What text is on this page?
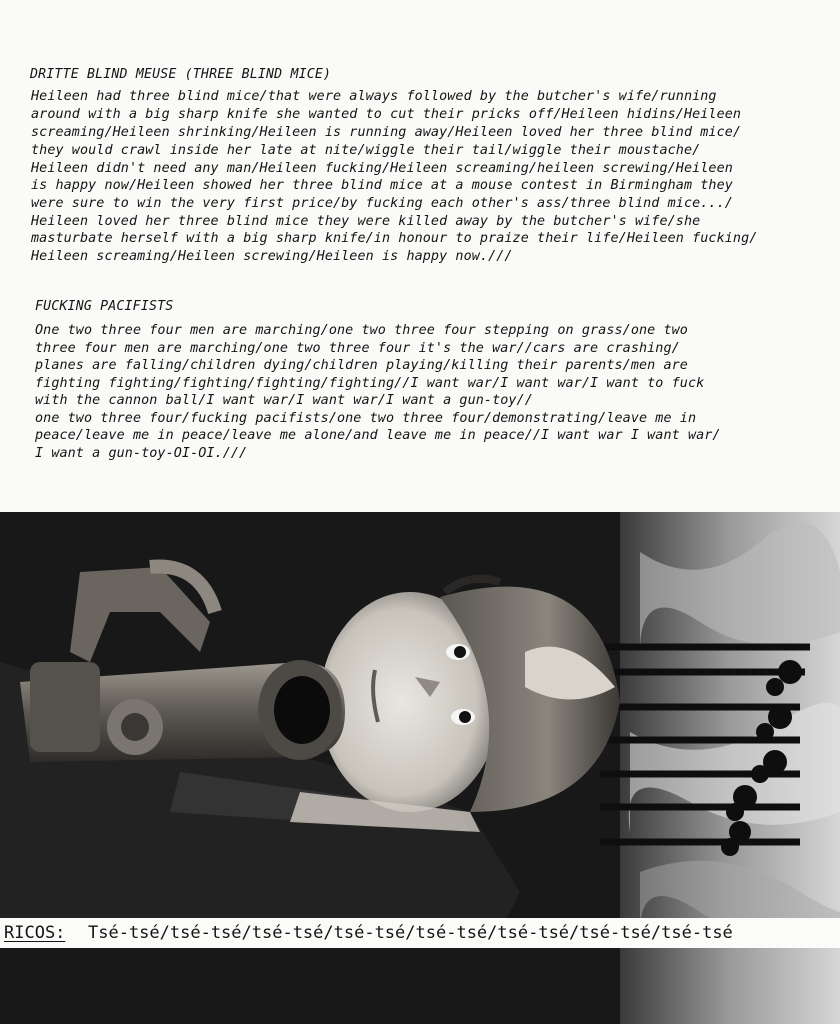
DRITTE BLIND MEUSE (THREE BLIND MICE)
Heileen had three blind mice/that were always followed by the butcher's wife/running
around with a big sharp knife she wanted to cut their pricks off/Heileen hidins/Heileen
screaming/Heileen shrinking/Heileen is running away/Heileen loved her three blind mice/
they would crawl inside her late at nite/wiggle their tail/wiggle their moustache/
Heileen didn't need any man/Heileen fucking/Heileen screaming/heileen screwing/Heileen
is happy now/Heileen showed her three blind mice at a mouse contest in Birmingham they
were sure to win the very first price/by fucking each other's ass/three blind mice.../
Heileen loved her three blind mice they were killed away by the butcher's wife/she
masturbate herself with a big sharp knife/in honour to praize their life/Heileen fucking/
Heileen screaming/Heileen screwing/Heileen is happy now.///
FUCKING PACIFISTS
One two three four men are marching/one two three four stepping on grass/one two
three four men are marching/one two three four it's the war//cars are crashing/
planes are falling/children dying/children playing/killing their parents/men are
fighting fighting/fighting/fighting/fighting//I want war/I want war/I want to fuck
with the cannon ball/I want war/I want war/I want a gun-toy//
one two three four/fucking pacifists/one two three four/demonstrating/leave me in
peace/leave me in peace/leave me alone/and leave me in peace//I want war I want war/
I want a gun-toy-OI-OI.///
RICOS: Tsé-tsé/tsé-tsé/tsé-tsé/tsé-tsé/tsé-tsé/tsé-tsé/tsé-tsé/tsé-tsé
